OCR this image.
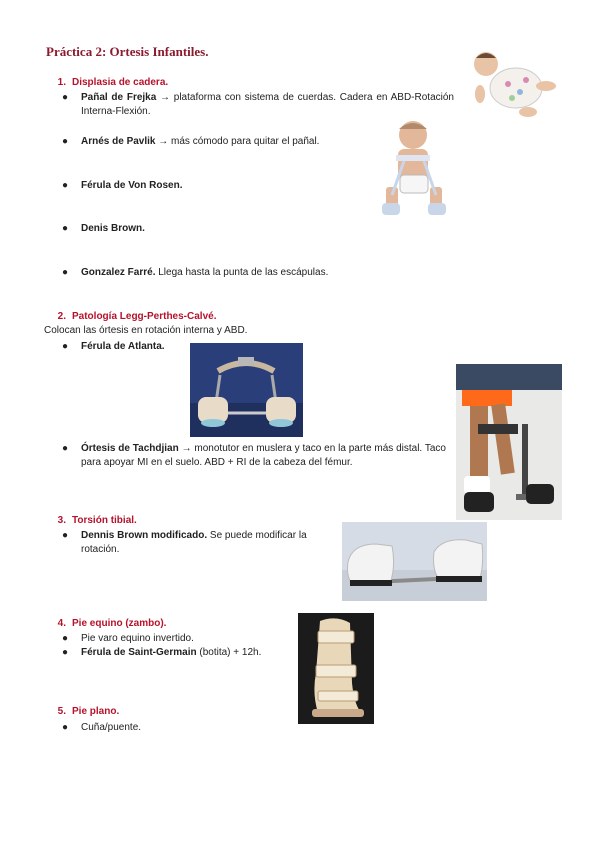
Práctica 2: Ortesis Infantiles.
1. Displasia de cadera.
● Pañal de Frejka → plataforma con sistema de cuerdas. Cadera en ABD-Rotación Interna-Flexión.
● Arnés de Pavlik → más cómodo para quitar el pañal.
● Férula de Von Rosen.
● Denis Brown.
● Gonzalez Farré. Llega hasta la punta de las escápulas.
2. Patología Legg-Perthes-Calvé.
Colocan las órtesis en rotación interna y ABD.
● Férula de Atlanta.
● Órtesis de Tachdjian → monotutor en muslera y taco en la parte más distal. Taco para apoyar MI en el suelo. ABD + RI de la cabeza del fémur.
3. Torsión tibial.
● Dennis Brown modificado. Se puede modificar la rotación.
4. Pie equino (zambo).
● Pie varo equino invertido.
● Férula de Saint-Germain (botita) + 12h.
5. Pie plano.
● Cuña/puente.
